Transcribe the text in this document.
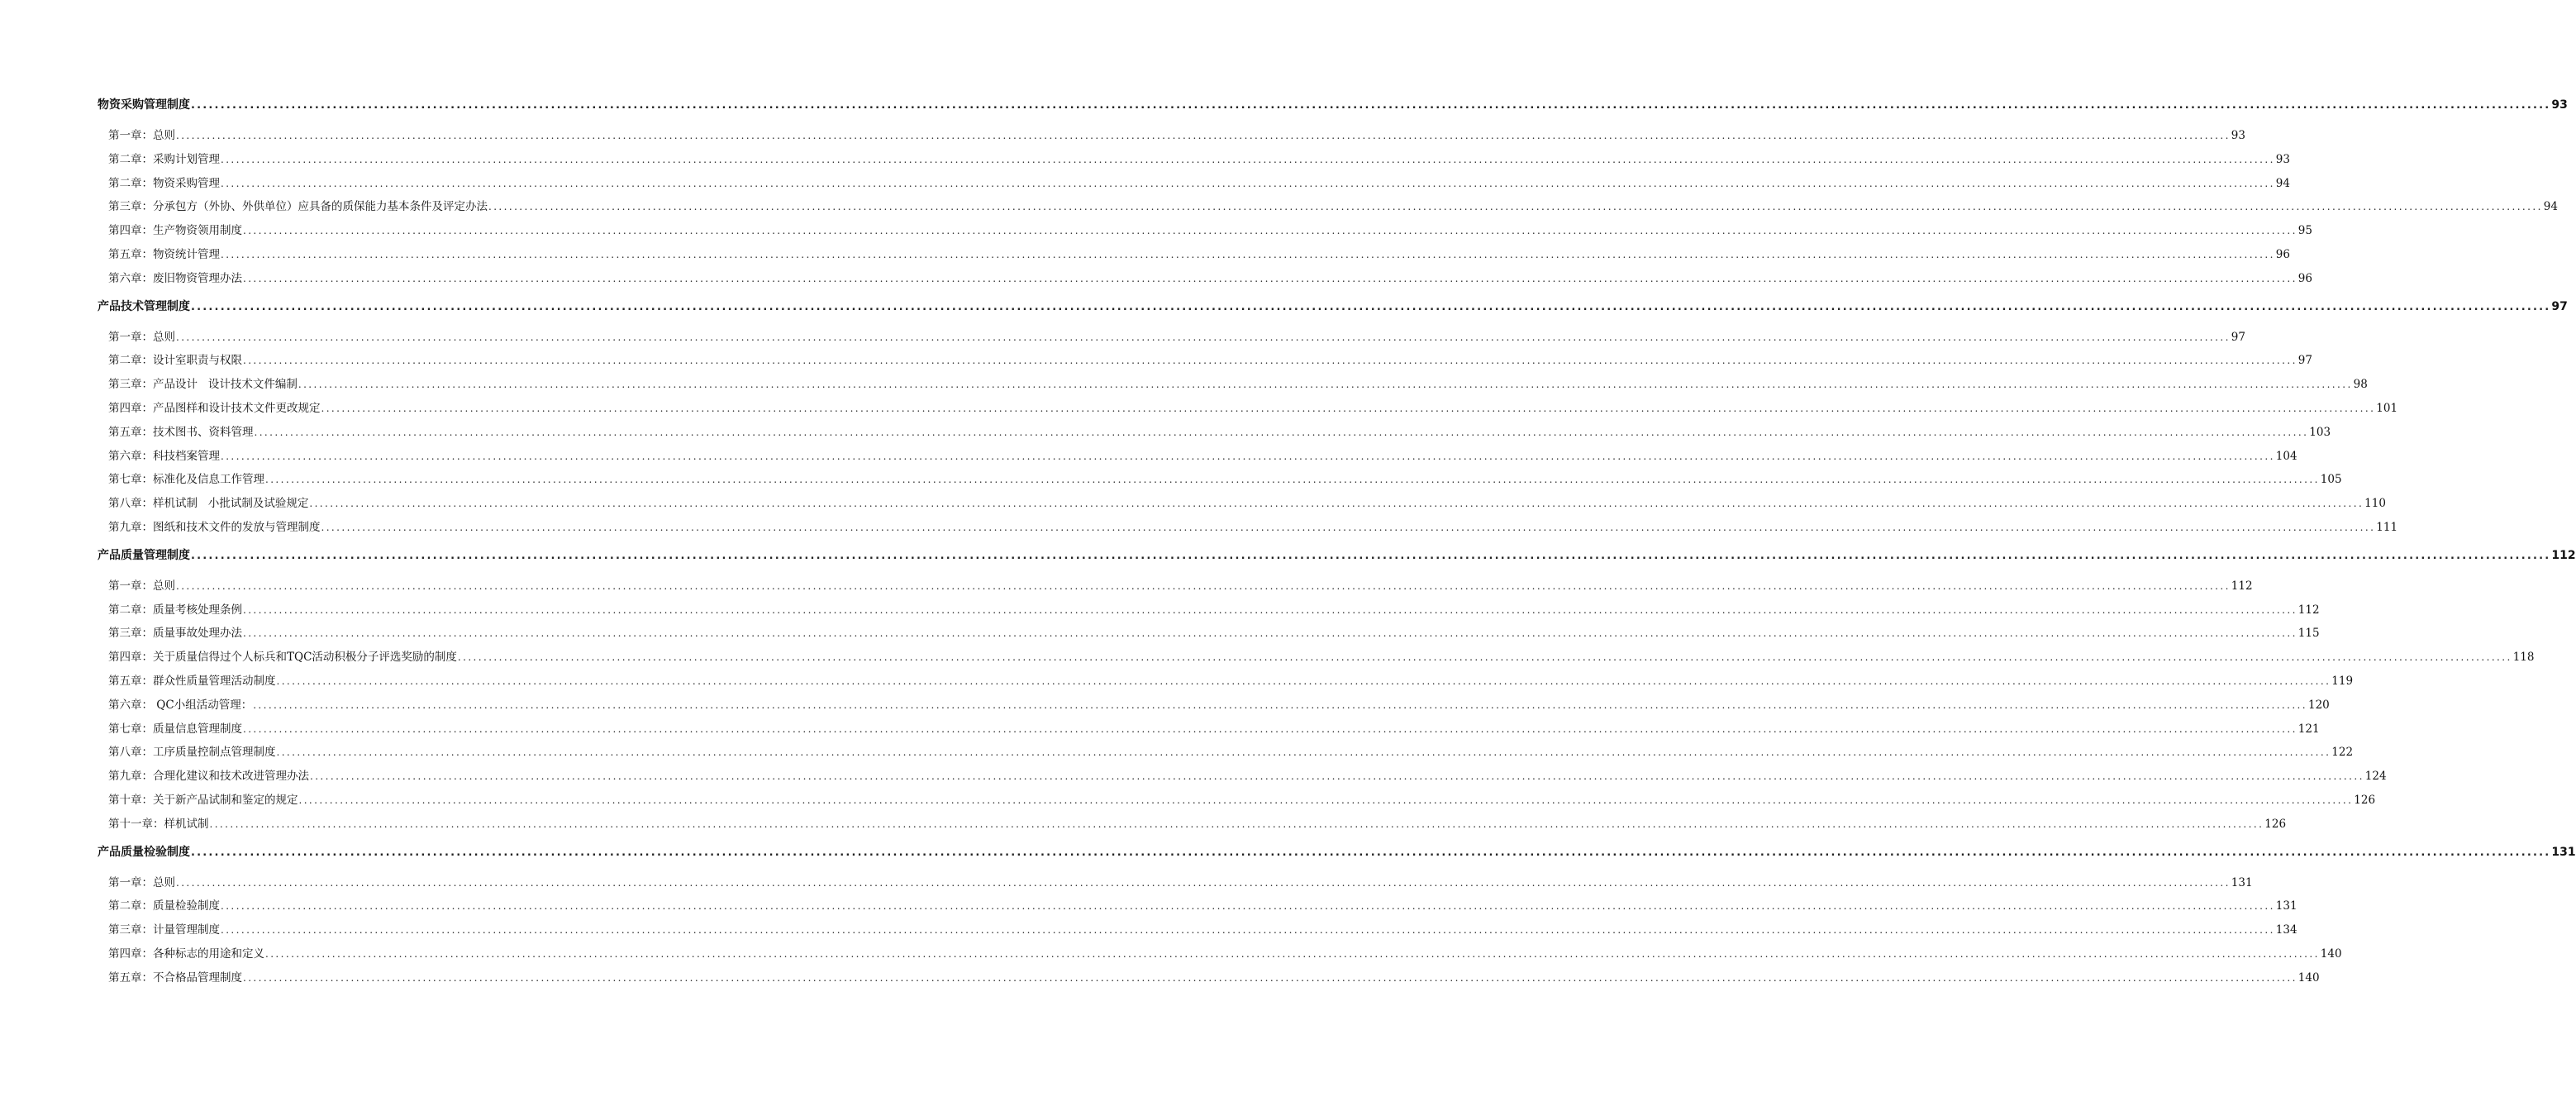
物资采购管理制度 ................................................................................................................................................................................................................................................................................................................................................................................................................ 93
第一章： 总则 ................................................................................................................................................................................................................................................................................................................................................................................................................ 93
第二章： 采购计划管理 ................................................................................................................................................................................................................................................................................................................................................................................................................ 93
第二章： 物资采购管理 ................................................................................................................................................................................................................................................................................................................................................................................................................ 94
第三章： 分承包方（外协、外供单位）应具备的质保能力基本条件及评定办法 ................................................................................................................................................................................................................................................................................................................................................................................................................ 94
第四章： 生产物资领用制度 ................................................................................................................................................................................................................................................................................................................................................................................................................ 95
第五章： 物资统计管理 ................................................................................................................................................................................................................................................................................................................................................................................................................ 96
第六章： 废旧物资管理办法 ................................................................................................................................................................................................................................................................................................................................................................................................................ 96
产品技术管理制度 ................................................................................................................................................................................................................................................................................................................................................................................................................ 97
第一章： 总则 ................................................................................................................................................................................................................................................................................................................................................................................................................ 97
第二章： 设计室职责与权限 ................................................................................................................................................................................................................................................................................................................................................................................................................ 97
第三章： 产品设计   设计技术文件编制 ................................................................................................................................................................................................................................................................................................................................................................................................................ 98
第四章： 产品图样和设计技术文件更改规定 ................................................................................................................................................................................................................................................................................................................................................................................................................ 101
第五章： 技术图书、资料管理 ................................................................................................................................................................................................................................................................................................................................................................................................................ 103
第六章： 科技档案管理 ................................................................................................................................................................................................................................................................................................................................................................................................................ 104
第七章： 标准化及信息工作管理 ................................................................................................................................................................................................................................................................................................................................................................................................................ 105
第八章： 样机试制   小批试制及试验规定 ................................................................................................................................................................................................................................................................................................................................................................................................................ 110
第九章： 图纸和技术文件的发放与管理制度 ................................................................................................................................................................................................................................................................................................................................................................................................................ 111
产品质量管理制度 ................................................................................................................................................................................................................................................................................................................................................................................................................ 112
第一章： 总则 ................................................................................................................................................................................................................................................................................................................................................................................................................ 112
第二章： 质量考核处理条例 ................................................................................................................................................................................................................................................................................................................................................................................................................ 112
第三章： 质量事故处理办法 ................................................................................................................................................................................................................................................................................................................................................................................................................ 115
第四章： 关于质量信得过个人标兵和TQC活动积极分子评选奖励的制度 ................................................................................................................................................................................................................................................................................................................................................................................................................ 118
第五章： 群众性质量管理活动制度 ................................................................................................................................................................................................................................................................................................................................................................................................................ 119
第六章： QC小组活动管理： ................................................................................................................................................................................................................................................................................................................................................................................................................ 120
第七章： 质量信息管理制度 ................................................................................................................................................................................................................................................................................................................................................................................................................ 121
第八章： 工序质量控制点管理制度 ................................................................................................................................................................................................................................................................................................................................................................................................................ 122
第九章： 合理化建议和技术改进管理办法 ................................................................................................................................................................................................................................................................................................................................................................................................................ 124
第十章： 关于新产品试制和鉴定的规定 ................................................................................................................................................................................................................................................................................................................................................................................................................ 126
第十一章： 样机试制 ................................................................................................................................................................................................................................................................................................................................................................................................................ 126
产品质量检验制度 ................................................................................................................................................................................................................................................................................................................................................................................................................ 131
第一章： 总则 ................................................................................................................................................................................................................................................................................................................................................................................................................ 131
第二章： 质量检验制度 ................................................................................................................................................................................................................................................................................................................................................................................................................ 131
第三章： 计量管理制度 ................................................................................................................................................................................................................................................................................................................................................................................................................ 134
第四章： 各种标志的用途和定义 ................................................................................................................................................................................................................................................................................................................................................................................................................ 140
第五章： 不合格品管理制度 ................................................................................................................................................................................................................................................................................................................................................................................................................ 140
